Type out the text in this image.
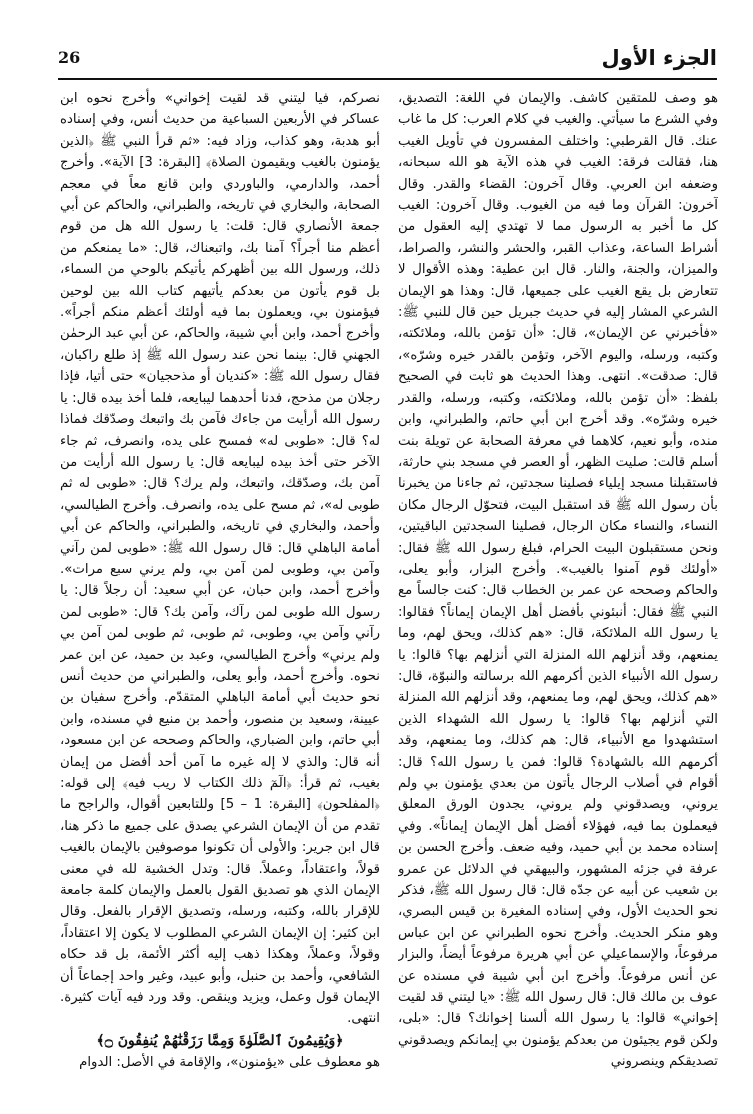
الجزء الأول
26

هو وصف للمتقين كاشف. والإيمان في اللغة: التصديق، وفي الشرع ما سيأتي. والغيب في كلام العرب: كل ما غاب عنك. قال القرطبي: واختلف المفسرون في تأويل الغيب هنا، فقالت فرقة: الغيب في هذه الآية هو الله سبحانه، وضعفه ابن العربي. وقال آخرون: القضاء والقدر. وقال آخرون: القرآن وما فيه من الغيوب. وقال آخرون: الغيب كل ما أخبر به الرسول مما لا تهتدي إليه العقول من أشراط الساعة، وعذاب القبر، والحشر والنشر، والصراط، والميزان، والجنة، والنار. قال ابن عطية: وهذه الأقوال لا تتعارض بل يقع الغيب على جميعها، قال: وهذا هو الإيمان الشرعي المشار إليه في حديث جبريل حين قال للنبي ﷺ: «فأخبرني عن الإيمان»، قال: «أن تؤمن بالله، وملائكته، وكتبه، ورسله، واليوم الآخر، وتؤمن بالقدر خيره وشرّه»، قال: صدقت». انتهى. وهذا الحديث هو ثابت في الصحيح بلفظ: «أن تؤمن بالله، وملائكته، وكتبه، ورسله، والقدر خيره وشرّه». وقد أخرج ابن أبي حاتم، والطبراني، وابن منده، وأبو نعيم، كلاهما في معرفة الصحابة عن تويلة بنت أسلم قالت: صليت الظهر، أو العصر في مسجد بني حارثة، فاستقبلنا مسجد إيلياء فصلينا سجدتين، ثم جاءنا من يخبرنا بأن رسول الله ﷺ قد استقبل البيت، فتحوّل الرجال مكان النساء، والنساء مكان الرجال، فصلينا السجدتين الباقيتين، ونحن مستقبلون البيت الحرام، فبلغ رسول الله ﷺ فقال: «أولئك قوم آمنوا بالغيب». وأخرج البزار، وأبو يعلى، والحاكم وصححه عن عمر بن الخطاب قال: كنت جالساً مع النبي ﷺ فقال: أنبئوني بأفضل أهل الإيمان إيماناً؟ فقالوا: يا رسول الله الملائكة، قال: «هم كذلك، ويحق لهم، وما يمنعهم، وقد أنزلهم الله المنزلة التي أنزلهم بها؟ قالوا: يا رسول الله الأنبياء الذين أكرمهم الله برسالته والنبوّة، قال: «هم كذلك، ويحق لهم، وما يمنعهم، وقد أنزلهم الله المنزلة التي أنزلهم بها؟ قالوا: يا رسول الله الشهداء الذين استشهدوا مع الأنبياء، قال: هم كذلك، وما يمنعهم، وقد أكرمهم الله بالشهادة؟ قالوا: فمن يا رسول الله؟ قال: أقوام في أصلاب الرجال يأتون من بعدي يؤمنون بي ولم يروني، ويصدقوني ولم يروني، يجدون الورق المعلق فيعملون بما فيه، فهؤلاء أفضل أهل الإيمان إيماناً». وفي إسناده محمد بن أبي حميد، وفيه ضعف. وأخرج الحسن بن عرفة في جزئه المشهور، والبيهقي في الدلائل عن عمرو بن شعيب عن أبيه عن جدّه قال: قال رسول الله ﷺ، فذكر نحو الحديث الأول، وفي إسناده المغيرة بن قيس البصري، وهو منكر الحديث. وأخرج نحوه الطبراني عن ابن عباس مرفوعاً، والإسماعيلي عن أبي هريرة مرفوعاً أيضاً، والبزار عن أنس مرفوعاً. وأخرج ابن أبي شيبة في مسنده عن عوف بن مالك قال: قال رسول الله ﷺ: «يا ليتني قد لقيت إخواني» قالوا: يا رسول الله ألسنا إخوانك؟ قال: «بلى، ولكن قوم يجيئون من بعدكم يؤمنون بي إيمانكم ويصدقوني تصديقكم وينصروني

نصركم، فيا ليتني قد لقيت إخواني» وأخرج نحوه ابن عساكر في الأربعين السباعية من حديث أنس، وفي إسناده أبو هدبة، وهو كذاب، وزاد فيه: «ثم قرأ النبي ﷺ ﴿الذين يؤمنون بالغيب ويقيمون الصلاة﴾ [البقرة: 3] الآية». وأخرج أحمد، والدارمي، والباوردي وابن قانع معاً في معجم الصحابة، والبخاري في تاريخه، والطبراني، والحاكم عن أبي جمعة الأنصاري قال: قلت: يا رسول الله هل من قوم أعظم منا أجراً؟ آمنا بك، واتبعناك، قال: «ما يمنعكم من ذلك، ورسول الله بين أظهركم يأتيكم بالوحي من السماء، بل قوم يأتون من بعدكم يأتيهم كتاب الله بين لوحين فيؤمنون بي، ويعملون بما فيه أولئك أعظم منكم أجراً». وأخرج أحمد، وابن أبي شيبة، والحاكم، عن أبي عبد الرحمٰن الجهني قال: بينما نحن عند رسول الله ﷺ إذ طلع راكبان، فقال رسول الله ﷺ: «كنديان أو مذحجيان» حتى أتيا، فإذا رجلان من مذحج، فدنا أحدهما ليبايعه، فلما أخذ بيده قال: يا رسول الله أرأيت من جاءك فآمن بك واتبعك وصدّقك فماذا له؟ قال: «طوبى له» فمسح على يده، وانصرف، ثم جاء الآخر حتى أخذ بيده ليبايعه قال: يا رسول الله أرأيت من آمن بك، وصدّقك، واتبعك، ولم يرك؟ قال: «طوبى له ثم طوبى له»، ثم مسح على يده، وانصرف. وأخرج الطيالسي، وأحمد، والبخاري في تاريخه، والطبراني، والحاكم عن أبي أمامة الباهلي قال: قال رسول الله ﷺ: «طوبى لمن رآني وآمن بي، وطوبى لمن آمن بي، ولم يرني سبع مرات». وأخرج أحمد، وابن حبان، عن أبي سعيد: أن رجلاً قال: يا رسول الله طوبى لمن رآك، وآمن بك؟ قال: «طوبى لمن رآني وآمن بي، وطوبى، ثم طوبى، ثم طوبى لمن آمن بي ولم يرني» وأخرج الطيالسي، وعبد بن حميد، عن ابن عمر نحوه. وأخرج أحمد، وأبو يعلى، والطبراني من حديث أنس نحو حديث أبي أمامة الباهلي المتقدّم. وأخرج سفيان بن عيينة، وسعيد بن منصور، وأحمد بن منيع في مسنده، وابن أبي حاتم، وابن الضباري، والحاكم وصححه عن ابن مسعود، أنه قال: والذي لا إله غيره ما آمن أحد أفضل من إيمان بغيب، ثم قرأ: ﴿الٓمٓ ذلك الكتاب لا ريب فيه﴾ إلى قوله: ﴿المفلحون﴾ [البقرة: 1 – 5] وللتابعين أقوال، والراجح ما تقدم من أن الإيمان الشرعي يصدق على جميع ما ذكر هنا، قال ابن جرير: والأولى أن تكونوا موصوفين بالإيمان بالغيب قولاً، واعتقاداً، وعملاً. قال: وتدل الخشية لله في معنى الإيمان الذي هو تصديق القول بالعمل والإيمان كلمة جامعة للإقرار بالله، وكتبه، ورسله، وتصديق الإقرار بالفعل. وقال ابن كثير: إن الإيمان الشرعي المطلوب لا يكون إلا اعتقاداً، وقولاً، وعملاً، وهكذا ذهب إليه أكثر الأئمة، بل قد حكاه الشافعي، وأحمد بن حنبل، وأبو عبيد، وغير واحد إجماعاً أن الإيمان قول وعمل، ويزيد وينقص. وقد ورد فيه آيات كثيرة. انتهى.

﴿وَيُقِيمُونَ ٱلصَّلَوٰةَ وَمِمَّا رَزَقْنَٰهُمْ يُنفِقُونَ ۝﴾

هو معطوف على «يؤمنون»، والإقامة في الأصل: الدوام
